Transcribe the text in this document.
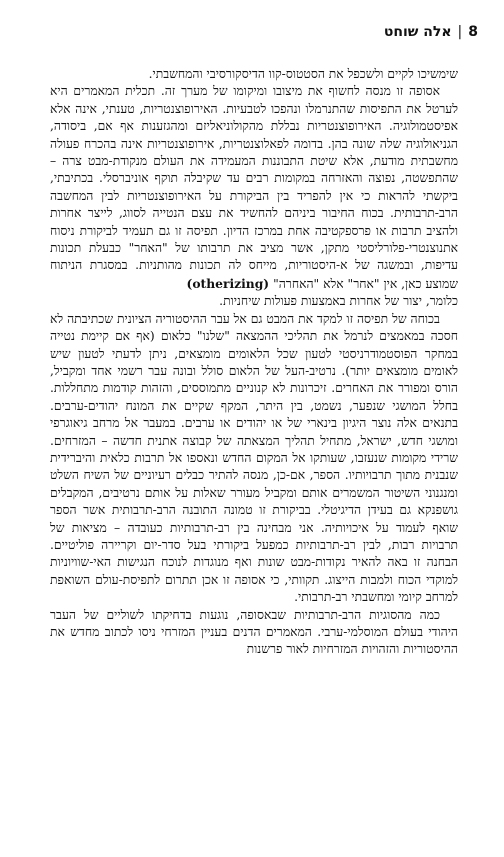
8
|
אלה שוחט

שימשיכו לקיים ולשכפל את הסטטוס-קוו הדיסקורסיבי והמחשבתי.

אסופה זו מנסה לחשוף את מיצובו ומיקומו של מערך זה. תכלית המאמרים היא לערטל את התפיסות שהתנרמלו ונהפכו לטבעיות. האירופוצנטריות, טענתי, אינה אלא אפיסטמולוגיה. האירופוצנטריות נבללת מהקולוניאליזם ומהגזענות אף אם, ביסודה, הגניאולוגיה שלה שונה בהן. בדומה לפאלוצנטריות, אירופוצנטריות אינה בהכרח פעולה מחשבתית מודעת, אלא שיטת התבוננות המעמידה את העולם מנקודת-מבט צרה – שהתפשטה, נפוצה והאזרחה במקומות רבים עד שקיבלה תוקף אוניברסלי. בכתיבתי, ביקשתי להראות כי אין להפריד בין הביקורת על האירופוצנטריות לבין המחשבה הרב-תרבותית. בכוח החיבור ביניהם להחשיד את עצם הנטייה לסווג, לייצר אחרות ולהציב תרבות או פרספקטיבה אחת במרכז הדיון. תפיסה זו גם תעמיד לביקורת ניסוח אתנוצנטרי-פלורליסטי מתקן, אשר מציב את תרבותו של "האחר" כבעלת תכונות עדיפות, ובמשגה של א-היסטוריות, מייחס לה תכונות מהותניות. במסגרת הניתוח שמוצע כאן, אין "אחר" אלא "האחרה" (otherizing)

כלומר, יצור של אחרות באמצעות פעולות שיחניות.

בכוחה של תפיסה זו למקד את המבט גם אל עבר ההיסטוריה הציונית שכתיבתה לא חסכה במאמצים לנרמל את תהליכי ההמצאה "שלנו" כלאום (אף אם קיימת נטייה במחקר הפוסטמודרניסטי לטעון שכל הלאומים מומצאים, ניתן לדעתי לטעון שיש לאומים מומצאים יותר). נרטיב-העל של הלאום סולל ובונה עבר רשמי אחד ומקביל, הורס ומפורר את האחרים. זיכרונות לא קנוניים מתמוססים, והזהות קודמות מתחללות. בחלל המושגי שנפער, נשמט, בין היתר, המקף שקיים את המונח יהודים-ערבים. בתנאים אלה נוצר היגיון בינארי של או יהודים או ערבים. במעבר אל מרחב גיאוגרפי ומושגי חדש, ישראל, מתחיל תהליך המצאתה של קבוצה אתנית חדשה – המזרחים. שרידי מקומות שנעזבו, שעותקו אל המקום החדש ונאספו אל תרבות כלאית והיברידית שנבנית מתוך תרבויותיו. הספר, אם-כן, מנסה להתיר כבלים רעיוניים של השיח השלט ומנגנוני השיטור המשמרים אותם ומקביל מעורר שאלות על אותם נרטיבים, המקבלים גושפנקא גם בעידן הדיגיטלי. בביקורת זו טמונה התובנה הרב-תרבותית אשר הספר שואף לעמוד על איכויותיה. אני מבחינה בין רב-תרבותיות כעובדה – מציאות של תרבויות רבות, לבין רב-תרבותיות כמפעל ביקורתי בעל סדר-יום וקריירה פוליטיים. הבחנה זו באה להאיר נקודות-מבט שונות ואף מנוגדות לנוכח הנגישות האי-שוויוניות למוקדי הכוח ולמבות הייצוג. תקוותי, כי אסופה זו אכן תתרום לתפיסת-עולם השואפת למרחב קיומי ומחשבתי רב-תרבותי.

כמה מהסוגיות הרב-תרבותיות שבאסופה, נוגעות בדחיקתו לשוליים של העבר היהודי בעולם המוסלמי-ערבי. המאמרים הדנים בעניין המזרחי ניסו לכתוב מחדש את ההיסטוריות והזהויות המזרחיות לאור פרשנות
